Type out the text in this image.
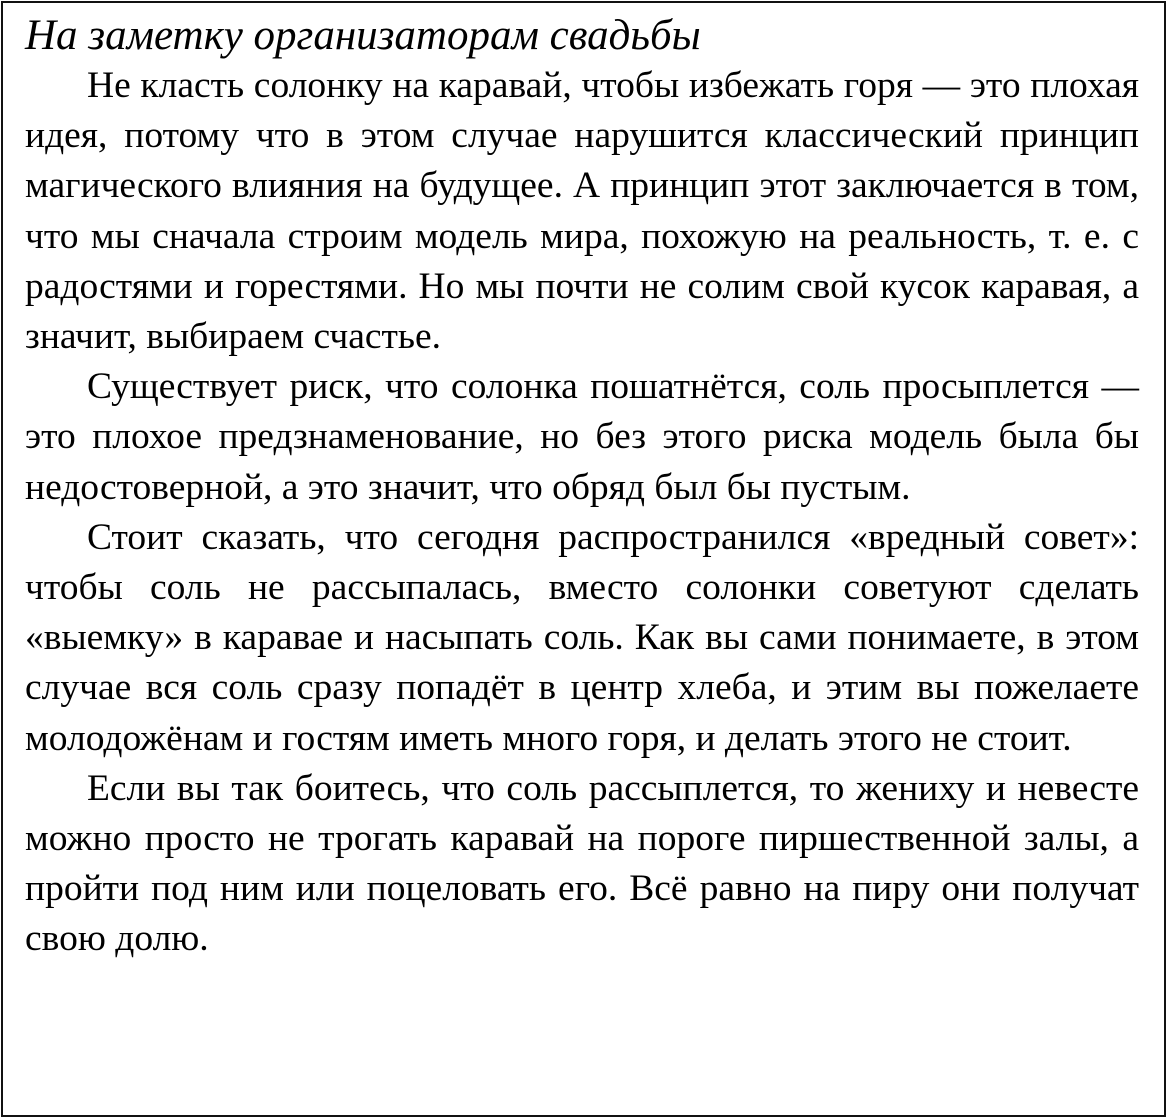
На заметку организаторам свадьбы

Не класть солонку на каравай, чтобы избежать горя — это плохая идея, потому что в этом случае нарушится классический принцип магического влияния на будущее. А принцип этот заключается в том, что мы сначала строим модель мира, похожую на реальность, т. е. с радостями и горестями. Но мы почти не солим свой кусок каравая, а значит, выбираем счастье.

Существует риск, что солонка пошатнётся, соль просыплется — это плохое предзнаменование, но без этого риска модель была бы недостоверной, а это значит, что обряд был бы пустым.

Стоит сказать, что сегодня распространился «вредный совет»: чтобы соль не рассыпалась, вместо солонки советуют сделать «выемку» в каравае и насыпать соль. Как вы сами понимаете, в этом случае вся соль сразу попадёт в центр хлеба, и этим вы пожелаете молодожёнам и гостям иметь много горя, и делать этого не стоит.

Если вы так боитесь, что соль рассыплется, то жениху и невесте можно просто не трогать каравай на пороге пиршественной залы, а пройти под ним или поцеловать его. Всё равно на пиру они получат свою долю.
